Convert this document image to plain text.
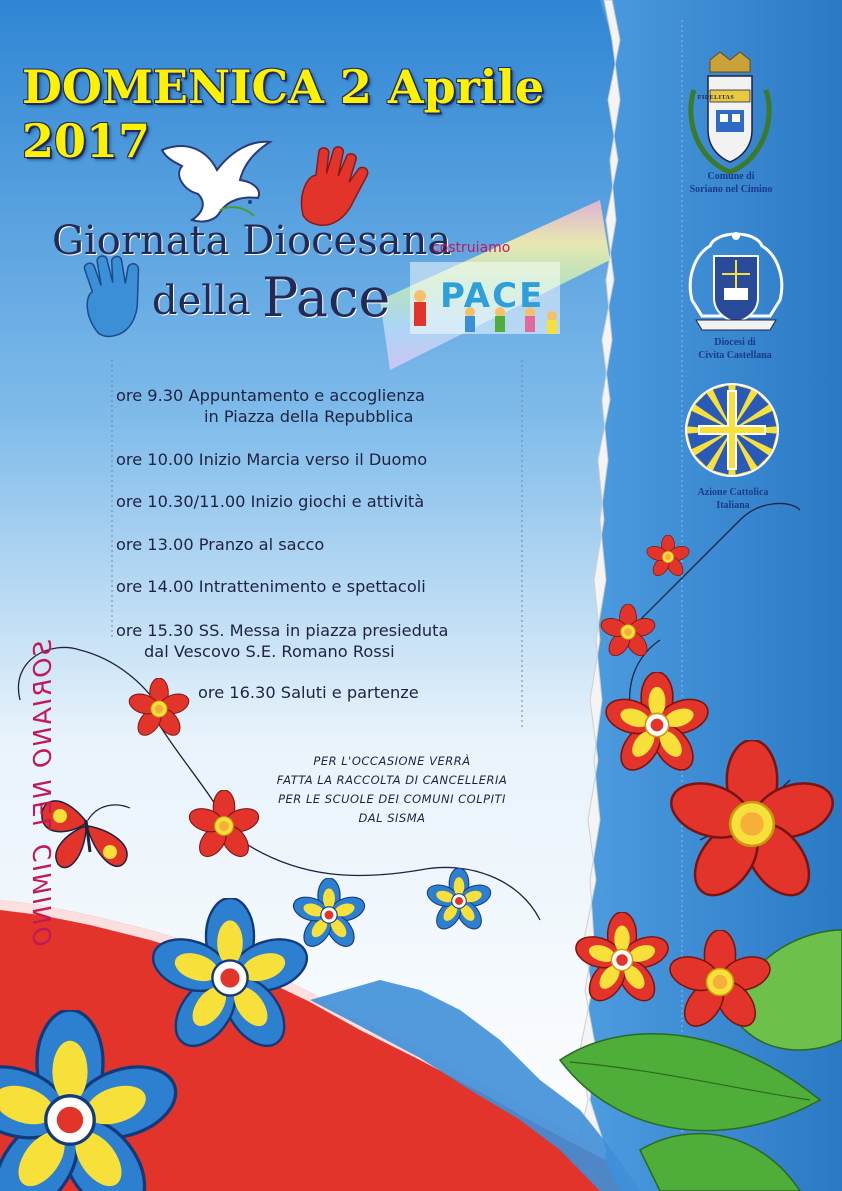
DOMENICA 2 Aprile 2017
Giornata Diocesana
della Pace
costruiamo
PACE
SORIANO NEL CIMINO
ore 9.30 Appuntamento e accoglienza
in Piazza della Repubblica
ore 10.00 Inizio Marcia verso il Duomo
ore 10.30/11.00 Inizio giochi e attività
ore 13.00 Pranzo al sacco
ore 14.00 Intrattenimento e spettacoli
ore 15.30 SS. Messa in piazza presieduta
dal Vescovo S.E. Romano Rossi
ore 16.30 Saluti e partenze
PER L'OCCASIONE VERRÀ
FATTA LA RACCOLTA DI CANCELLERIA
PER LE SCUOLE DEI COMUNI COLPITI
DAL SISMA
FIDELITAS
Comune di
Soriano nel Cimino
Diocesi di
Civita Castellana
Azione Cattolica
Italiana
